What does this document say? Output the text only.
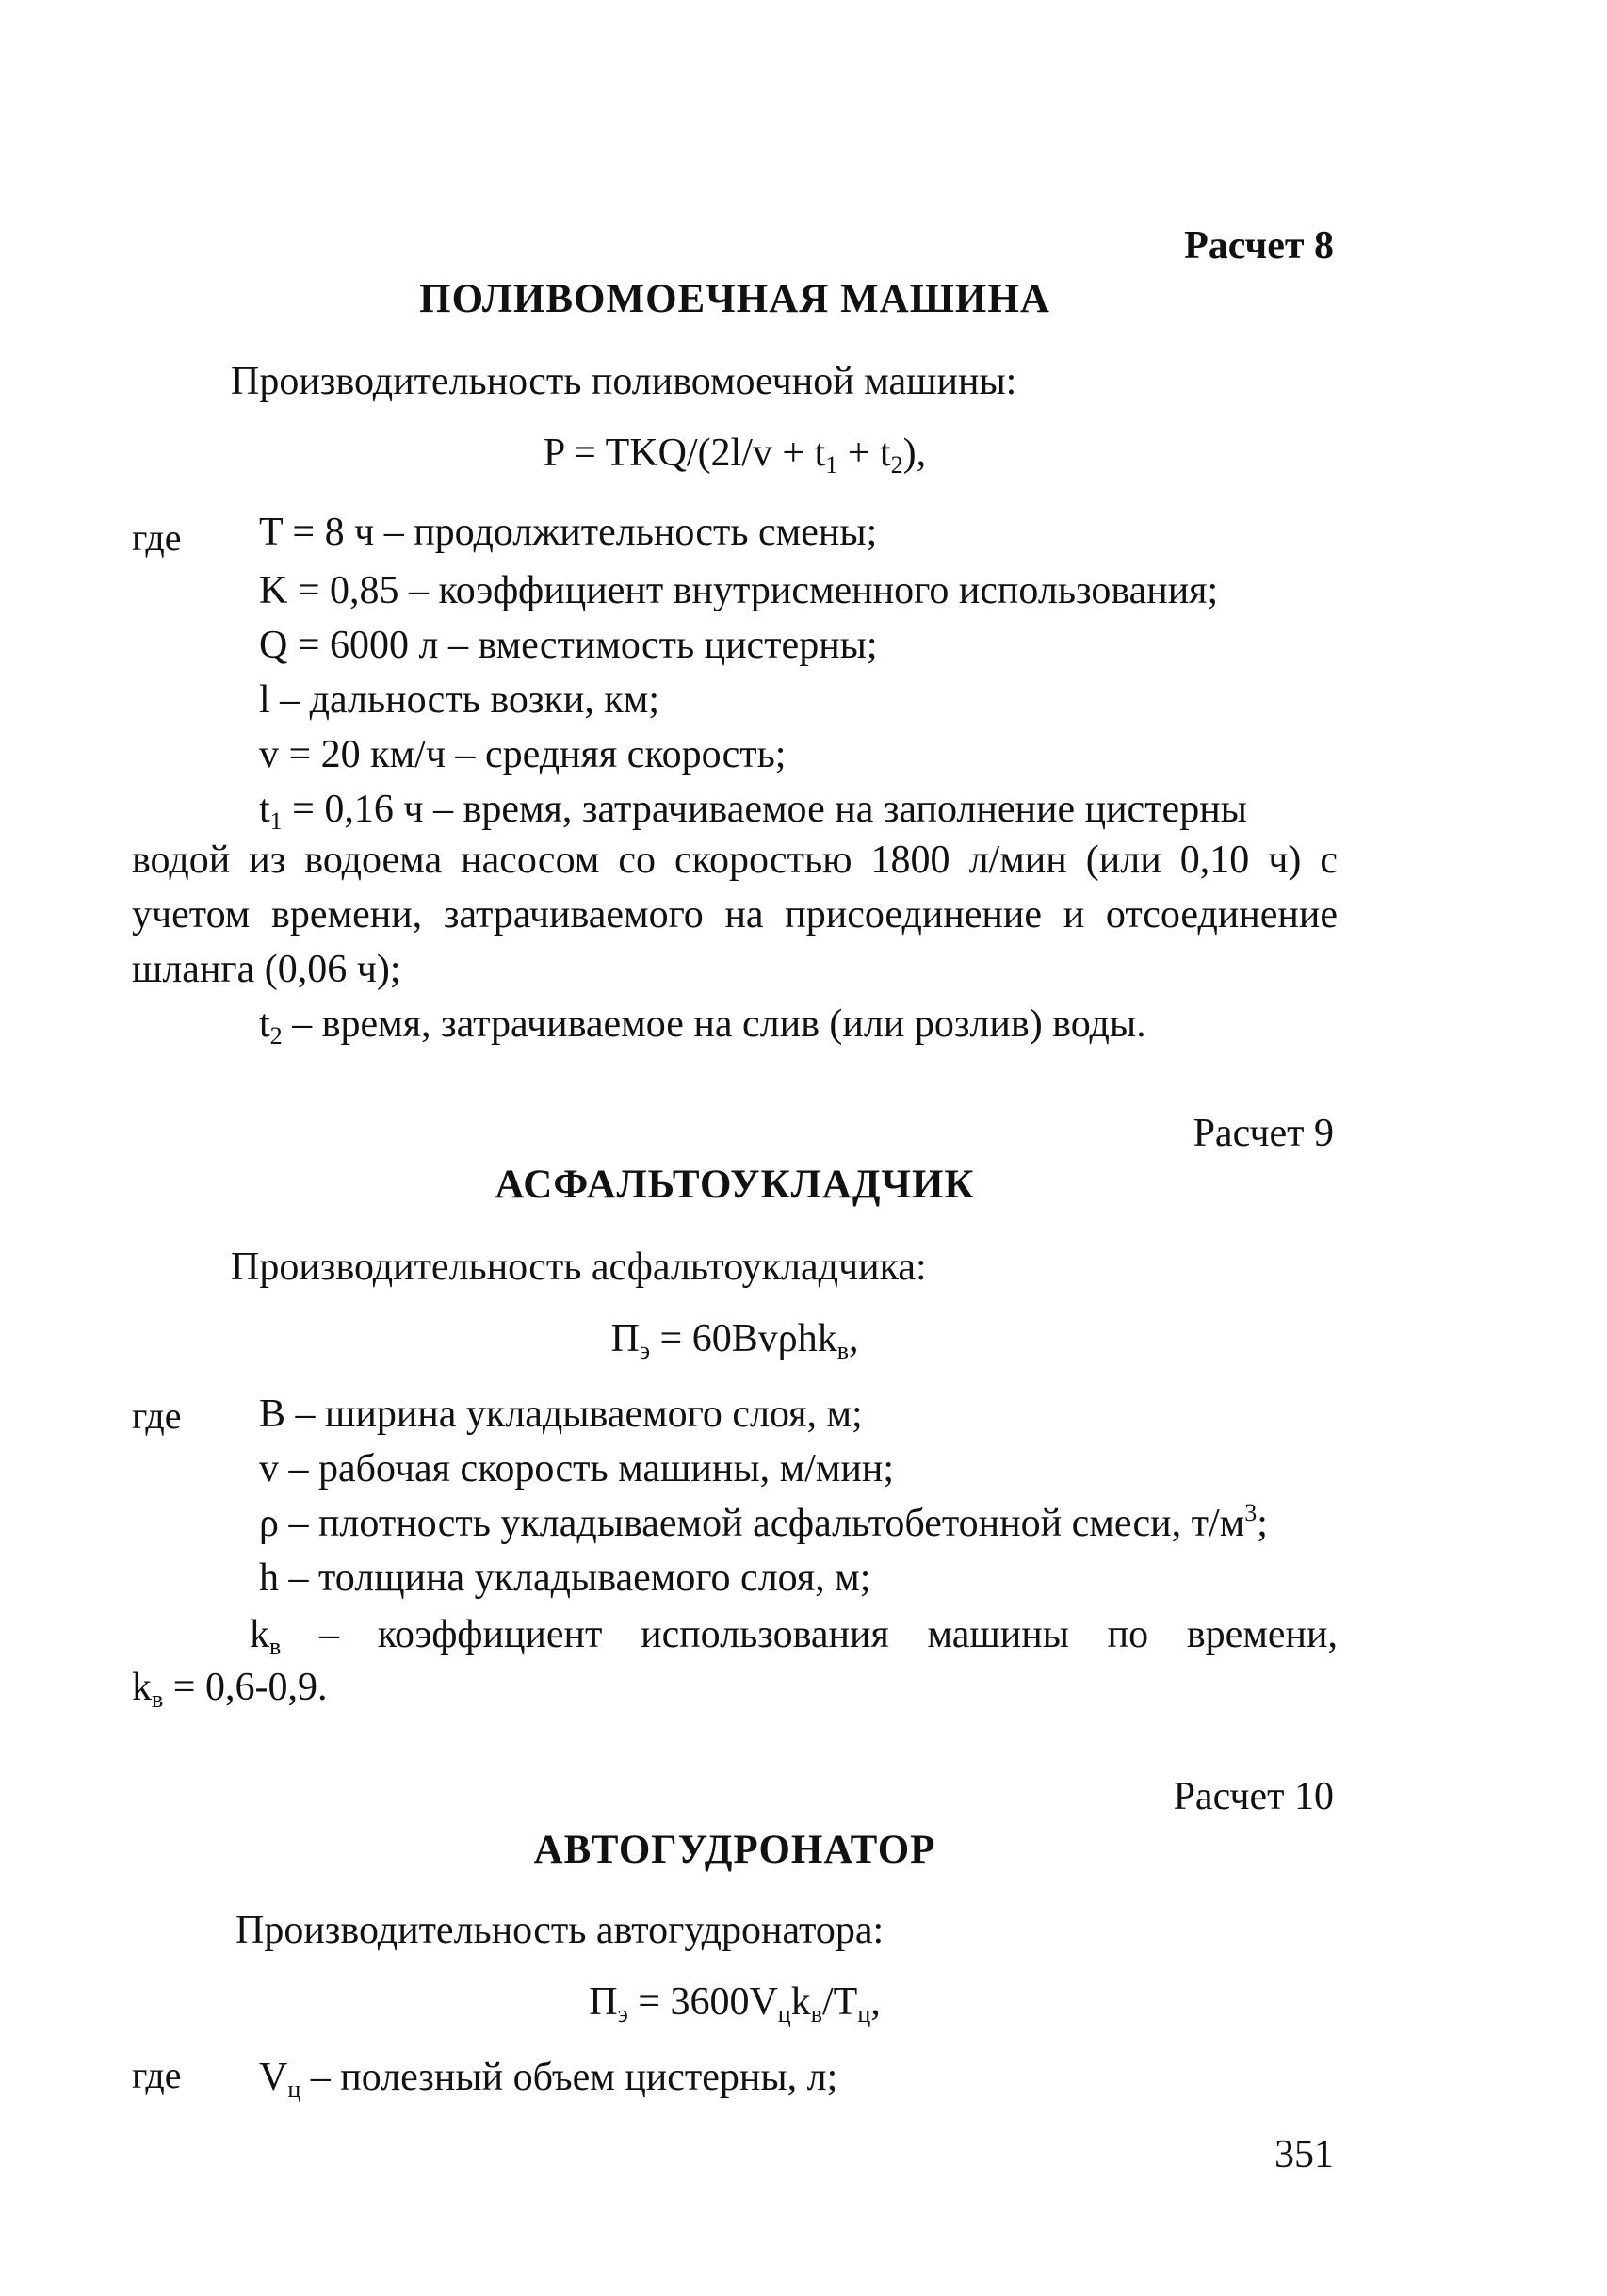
Расчет 8
ПОЛИВОМОЕЧНАЯ МАШИНА
Производительность поливомоечной машины:
$P = TKQ/(2l/v + t_1 + t_2)$,
где T = 8 ч – продолжительность смены;
K = 0,85 – коэффициент внутрисменного использования;
Q = 6000 л – вместимость цистерны;
l – дальность возки, км;
v = 20 км/ч – средняя скорость;
$t_1 = 0,16$ ч – время, затрачиваемое на заполнение цистерны
водой из водоема насосом со скоростью 1800 л/мин (или 0,10 ч) с
учетом времени, затрачиваемого на присоединение и отсоединение
шланга (0,06 ч);
$t_2$ – время, затрачиваемое на слив (или розлив) воды.
Расчет 9
АСФАЛЬТОУКЛАДЧИК
Производительность асфальтоукладчика:
$П_э = 60Bv\rho hk_в$,
где B – ширина укладываемого слоя, м;
v – рабочая скорость машины, м/мин;
ρ – плотность укладываемой асфальтобетонной смеси, $т/м^3$;
h – толщина укладываемого слоя, м;
$k_в$ – коэффициент использования машины по времени,
$k_в = 0,6-0,9$.
Расчет 10
АВТОГУДРОНАТОР
Производительность автогудронатора:
$П_э = 3600V_цk_в/T_ц$,
где $V_ц$ – полезный объем цистерны, л;
351
